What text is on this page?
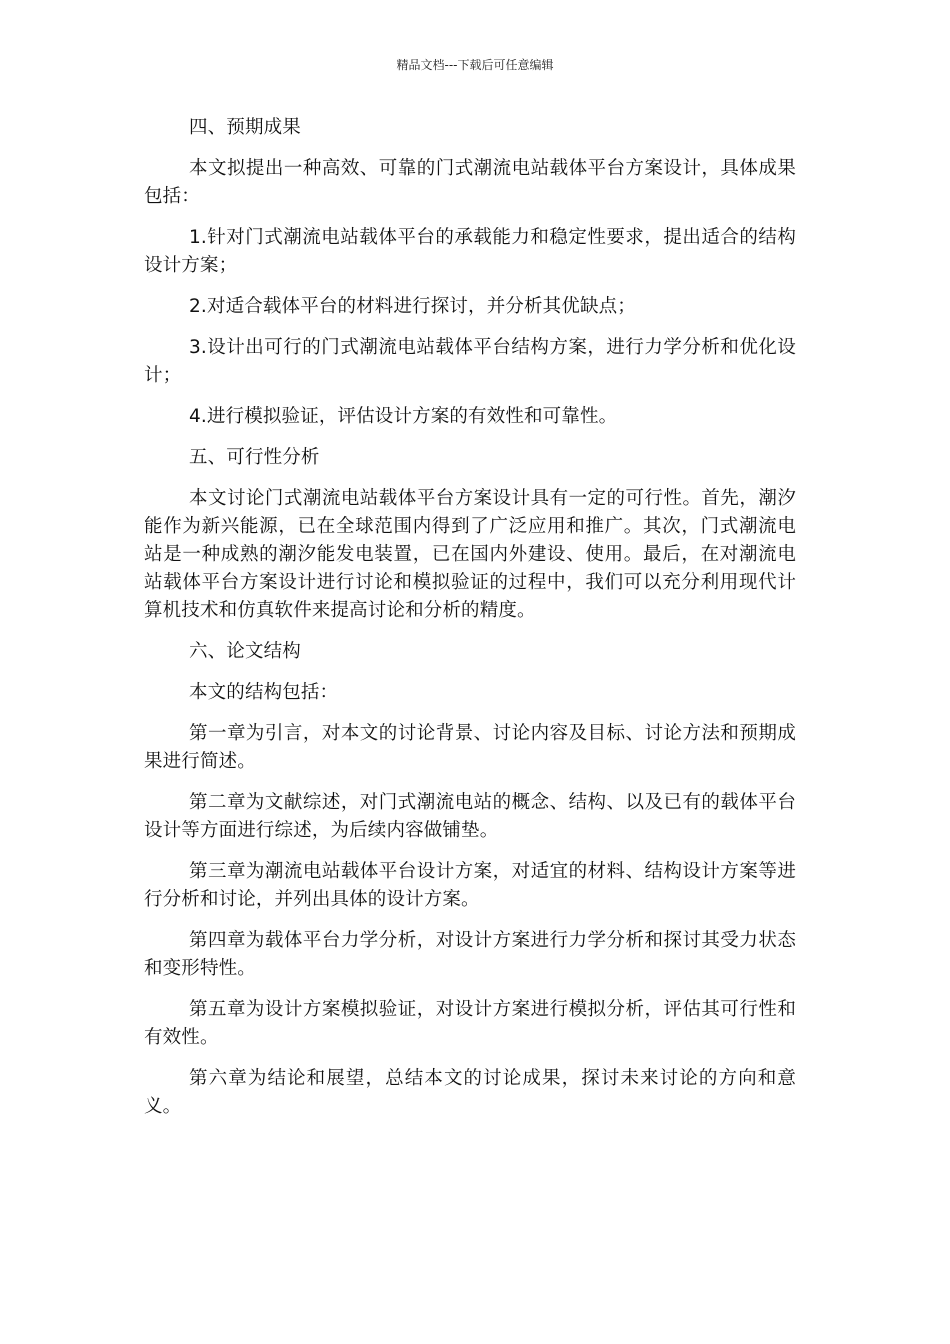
精品文档---下载后可任意编辑

四、预期成果

本文拟提出一种高效、可靠的门式潮流电站载体平台方案设计，具体成果包括：

1.针对门式潮流电站载体平台的承载能力和稳定性要求，提出适合的结构设计方案；

2.对适合载体平台的材料进行探讨，并分析其优缺点；

3.设计出可行的门式潮流电站载体平台结构方案，进行力学分析和优化设计；

4.进行模拟验证，评估设计方案的有效性和可靠性。

五、可行性分析

本文讨论门式潮流电站载体平台方案设计具有一定的可行性。首先，潮汐能作为新兴能源，已在全球范围内得到了广泛应用和推广。其次，门式潮流电站是一种成熟的潮汐能发电装置，已在国内外建设、使用。最后，在对潮流电站载体平台方案设计进行讨论和模拟验证的过程中，我们可以充分利用现代计算机技术和仿真软件来提高讨论和分析的精度。

六、论文结构

本文的结构包括：

第一章为引言，对本文的讨论背景、讨论内容及目标、讨论方法和预期成果进行简述。

第二章为文献综述，对门式潮流电站的概念、结构、以及已有的载体平台设计等方面进行综述，为后续内容做铺垫。

第三章为潮流电站载体平台设计方案，对适宜的材料、结构设计方案等进行分析和讨论，并列出具体的设计方案。

第四章为载体平台力学分析，对设计方案进行力学分析和探讨其受力状态和变形特性。

第五章为设计方案模拟验证，对设计方案进行模拟分析，评估其可行性和有效性。

第六章为结论和展望，总结本文的讨论成果，探讨未来讨论的方向和意义。
